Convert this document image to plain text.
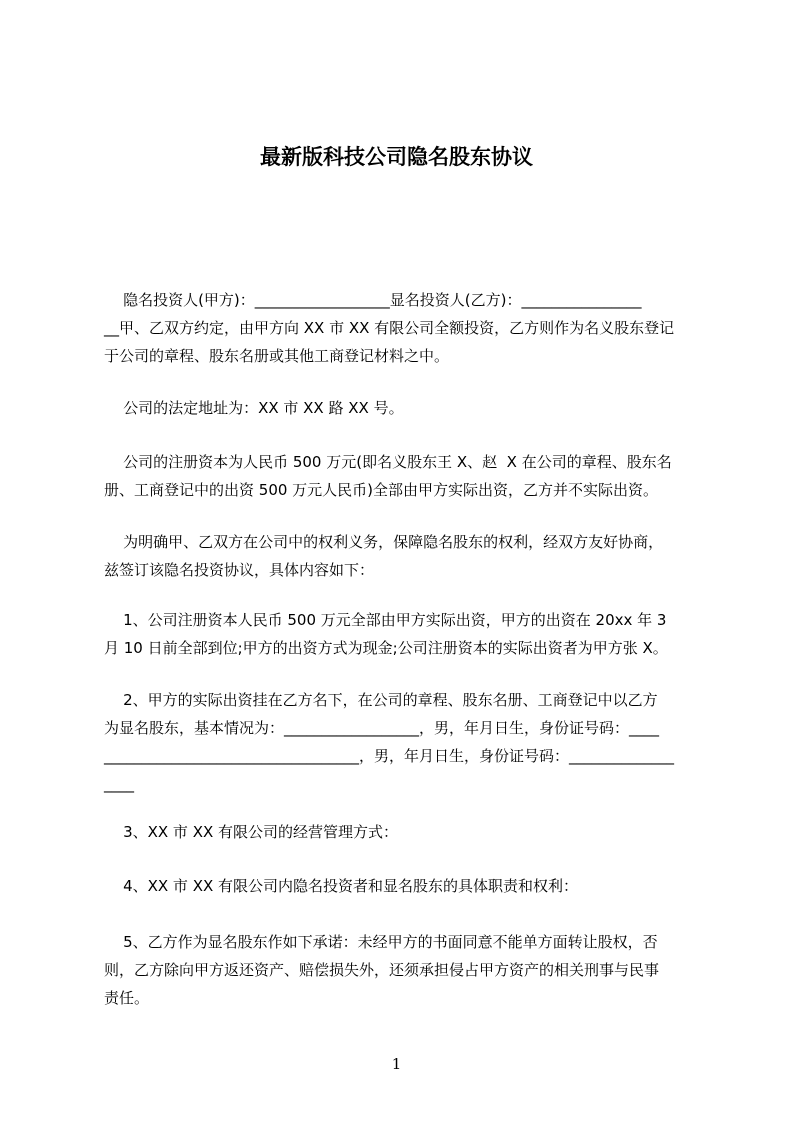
最新版科技公司隐名股东协议
隐名投资人(甲方)：__________________显名投资人(乙方)：________________
__甲、乙双方约定，由甲方向 XX 市 XX 有限公司全额投资，乙方则作为名义股东登记
于公司的章程、股东名册或其他工商登记材料之中。
公司的法定地址为：XX 市 XX 路 XX 号。
公司的注册资本为人民币 500 万元(即名义股东王 X、赵  X 在公司的章程、股东名
册、工商登记中的出资 500 万元人民币)全部由甲方实际出资，乙方并不实际出资。
为明确甲、乙双方在公司中的权利义务，保障隐名股东的权利，经双方友好协商，
兹签订该隐名投资协议，具体内容如下：
1、公司注册资本人民币 500 万元全部由甲方实际出资，甲方的出资在 20xx 年 3
月 10 日前全部到位;甲方的出资方式为现金;公司注册资本的实际出资者为甲方张 X。
2、甲方的实际出资挂在乙方名下，在公司的章程、股东名册、工商登记中以乙方
为显名股东，基本情况为：__________________，男，年月日生，身份证号码：____
__________________________________，男，年月日生，身份证号码：______________
____
3、XX 市 XX 有限公司的经营管理方式：
4、XX 市 XX 有限公司内隐名投资者和显名股东的具体职责和权利：
5、乙方作为显名股东作如下承诺：未经甲方的书面同意不能单方面转让股权，否
则，乙方除向甲方返还资产、赔偿损失外，还须承担侵占甲方资产的相关刑事与民事
责任。
1
